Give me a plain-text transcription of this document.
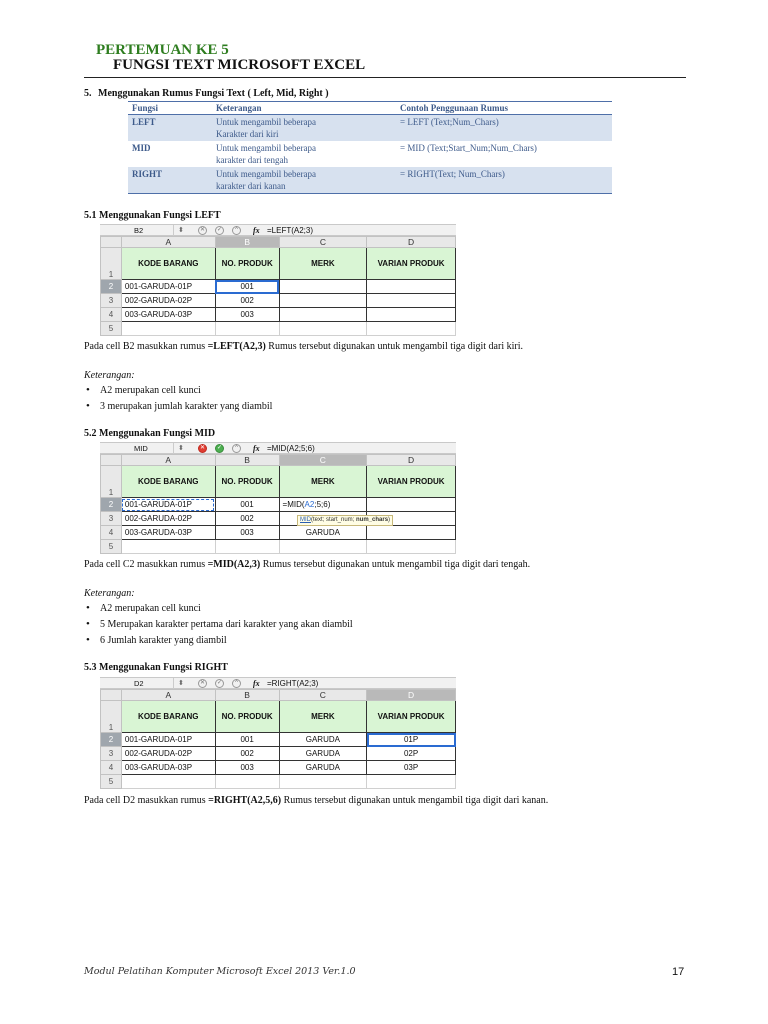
PERTEMUAN KE 5
FUNGSI TEXT MICROSOFT EXCEL
5. Menggunakan Rumus Fungsi Text ( Left, Mid, Right )
Fungsi	Keterangan	Contoh Penggunaan Rumus
LEFT	Untuk mengambil beberapa
Karakter dari kiri	= LEFT (Text;Num_Chars)
MID	Untuk mengambil beberapa
karakter dari tengah	= MID (Text;Start_Num;Num_Chars)
RIGHT	Untuk mengambil beberapa
karakter dari kanan	= RIGHT(Text; Num_Chars)
5.1 Menggunakan Fungsi LEFT
B2	⬍	✕	✓	^	fx =LEFT(A2;3)
	A	B	C	D
1	KODE BARANG	NO. PRODUK	MERK	VARIAN PRODUK
2	001-GARUDA-01P	001		
3	002-GARUDA-02P	002		
4	003-GARUDA-03P	003		
5				
Pada cell B2 masukkan rumus =LEFT(A2,3) Rumus tersebut digunakan untuk mengambil tiga digit dari kiri.
Keterangan:
• A2 merupakan cell kunci
• 3 merupakan jumlah karakter yang diambil
5.2 Menggunakan Fungsi MID
MID	⬍	✕	✓	^	fx =MID(A2;5;6)
	A	B	C	D
1	KODE BARANG	NO. PRODUK	MERK	VARIAN PRODUK
2	001-GARUDA-01P	001	=MID(A2;5;6)	
3	002-GARUDA-02P	002		
4	003-GARUDA-03P	003	GARUDA	
5				
MID(text; start_num; num_chars)
Pada cell C2 masukkan rumus =MID(A2,3) Rumus tersebut digunakan untuk mengambil tiga digit dari tengah.
Keterangan:
• A2 merupakan cell kunci
• 5 Merupakan karakter pertama dari karakter yang akan diambil
• 6 Jumlah karakter yang diambil
5.3 Menggunakan Fungsi RIGHT
D2	⬍	✕	✓	^	fx =RIGHT(A2;3)
	A	B	C	D
1	KODE BARANG	NO. PRODUK	MERK	VARIAN PRODUK
2	001-GARUDA-01P	001	GARUDA	01P
3	002-GARUDA-02P	002	GARUDA	02P
4	003-GARUDA-03P	003	GARUDA	03P
5				
Pada cell D2 masukkan rumus =RIGHT(A2,5,6) Rumus tersebut digunakan untuk mengambil tiga digit dari kanan.
Modul Pelatihan Komputer Microsoft Excel 2013 Ver.1.0	17
